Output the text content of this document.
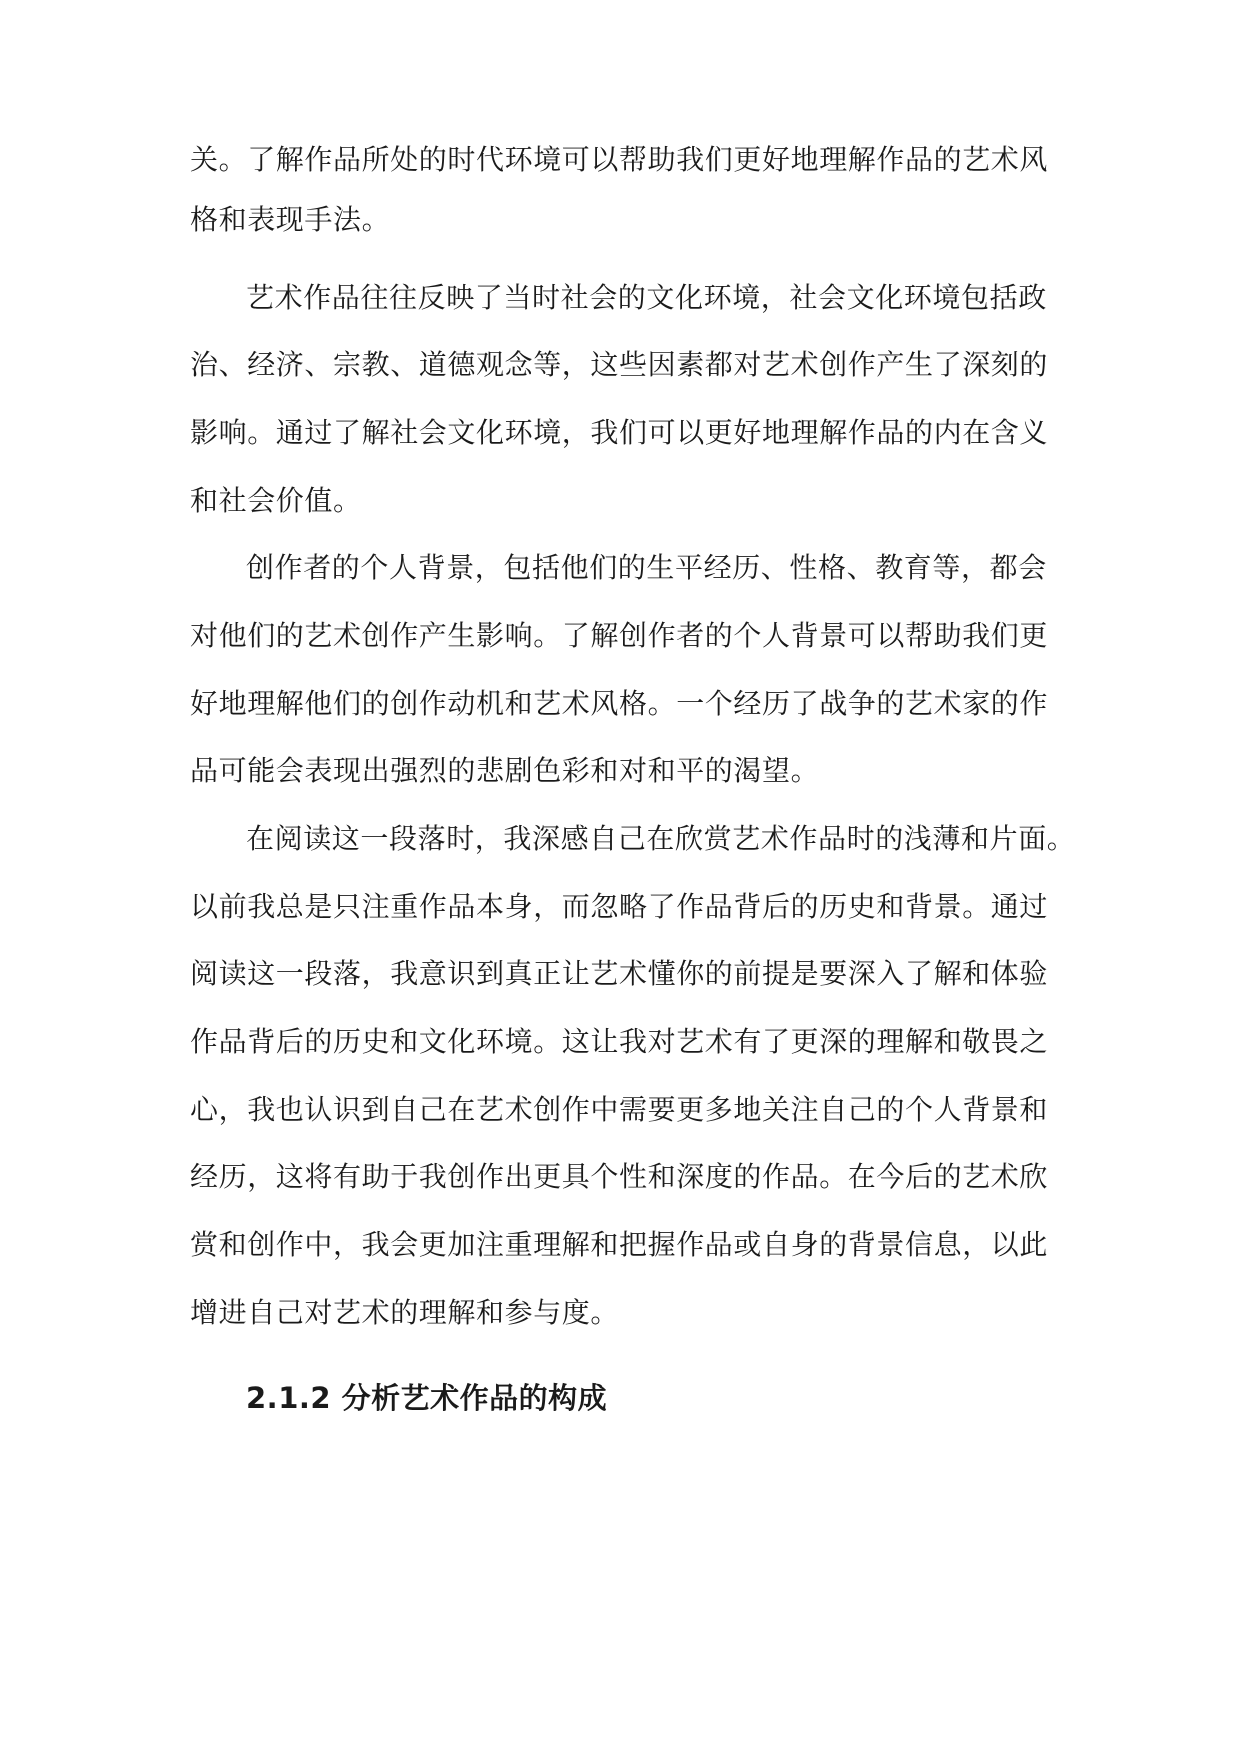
关。了解作品所处的时代环境可以帮助我们更好地理解作品的艺术风
格和表现手法。
艺术作品往往反映了当时社会的文化环境，社会文化环境包括政
治、经济、宗教、道德观念等，这些因素都对艺术创作产生了深刻的
影响。通过了解社会文化环境，我们可以更好地理解作品的内在含义
和社会价值。
创作者的个人背景，包括他们的生平经历、性格、教育等，都会
对他们的艺术创作产生影响。了解创作者的个人背景可以帮助我们更
好地理解他们的创作动机和艺术风格。一个经历了战争的艺术家的作
品可能会表现出强烈的悲剧色彩和对和平的渴望。
在阅读这一段落时，我深感自己在欣赏艺术作品时的浅薄和片面。
以前我总是只注重作品本身，而忽略了作品背后的历史和背景。通过
阅读这一段落，我意识到真正让艺术懂你的前提是要深入了解和体验
作品背后的历史和文化环境。这让我对艺术有了更深的理解和敬畏之
心，我也认识到自己在艺术创作中需要更多地关注自己的个人背景和
经历，这将有助于我创作出更具个性和深度的作品。在今后的艺术欣
赏和创作中，我会更加注重理解和把握作品或自身的背景信息，以此
增进自己对艺术的理解和参与度。
2.1.2 分析艺术作品的构成
